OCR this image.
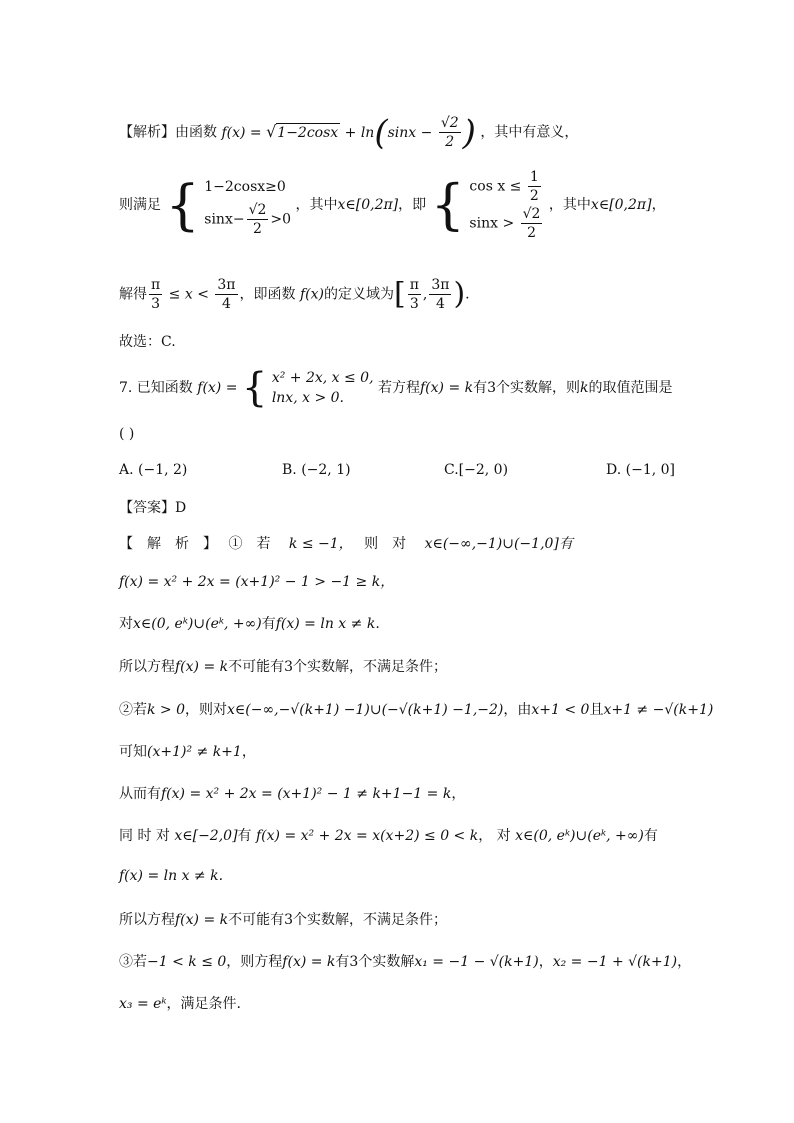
【解析】由函数 $f(x) = √1-2\cos x + \ln(\sin x - \frac{√2}{2}$ ) ，其中有意义，
则满足 { 1−2cosx≥0
$\sin x- \frac{√2}{2} >0$
，其中x∈[0,2π]，即 { $\cos x \le \frac{1}{2}$
$\sin x > \frac{√2}{2}$ ，其中x∈[0,2π]，
解得 $\frac{\pi}{3} \le x < \frac{3\pi}{4}$ ，即函数 f(x)的定义域为[ $\frac{\pi}{3}$ , $\frac{3\pi}{4}$ ).
故选：C.
7. 已知函数 f(x) = { x² + 2x, x ≤ 0,
lnx, x > 0.
若方程f(x) = k有3个实数解，则k的取值范围是
( )
A. (−1, 2)	B. (−2, 1)	C.[−2, 0)	D. (−1, 0]
【答案】D
【　解　析　】　 ①　若　 k ≤ −1，　 则　对　 x∈(−∞,−1)∪(−1,0]有
f(x) = x² + 2x = (x+1)² − 1 > −1 ≥ k，
对x∈(0, eᵏ)∪(eᵏ, +∞)有f(x) = ln x ≠ k.
所以方程f(x) = k不可能有3个实数解，不满足条件；
②若k > 0，则对x∈(−∞,−√(k+1) −1)∪(−√(k+1) −1,−2)，由x+1 < 0且x+1 ≠ −√(k+1)
可知(x+1)² ≠ k+1，
从而有f(x) = x² + 2x = (x+1)² − 1 ≠ k+1−1 = k，
同 时 对 x∈[−2,0]有 f(x) = x² + 2x = x(x+2) ≤ 0 < k， 对 x∈(0, eᵏ)∪(eᵏ, +∞)有
f(x) = ln x ≠ k.
所以方程f(x) = k不可能有3个实数解，不满足条件；
③若−1 < k ≤ 0，则方程f(x) = k有3个实数解x₁ = −1 − √(k+1)，x₂ = −1 + √(k+1)，
x₃ = eᵏ，满足条件.
